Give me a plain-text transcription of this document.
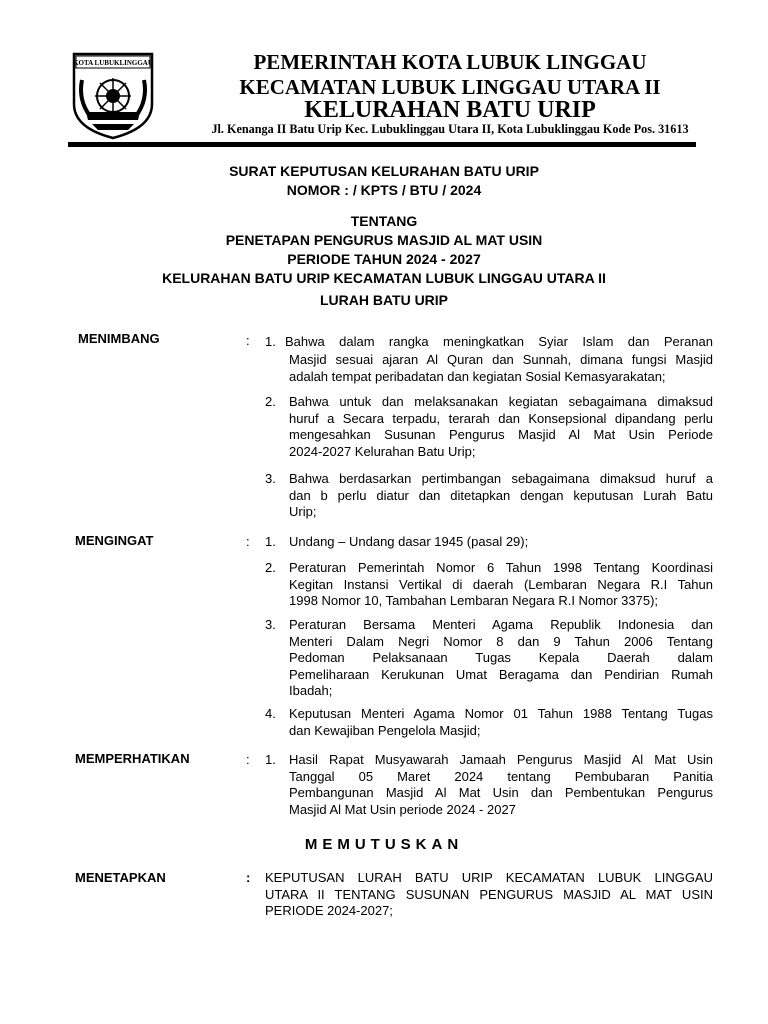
KOTA LUBUKLINGGAU	PEMERINTAH KOTA LUBUK LINGGAU
KECAMATAN LUBUK LINGGAU UTARA II
KELURAHAN BATU URIP
Jl. Kenanga II Batu Urip Kec. Lubuklinggau Utara II, Kota Lubuklinggau Kode Pos. 31613
SURAT KEPUTUSAN KELURAHAN BATU URIP
NOMOR : / KPTS / BTU / 2024
TENTANG
PENETAPAN PENGURUS MASJID AL MAT USIN
PERIODE TAHUN 2024 - 2027
KELURAHAN BATU URIP KECAMATAN LUBUK LINGGAU UTARA II
LURAH BATU URIP
MENIMBANG	: 1. Bahwa dalam rangka meningkatkan Syiar Islam dan Peranan
Masjid sesuai ajaran Al Quran dan Sunnah, dimana fungsi Masjid
adalah tempat peribadatan dan kegiatan Sosial Kemasyarakatan;
2. Bahwa untuk dan melaksanakan kegiatan sebagaimana dimaksud
huruf a Secara terpadu, terarah dan Konsepsional dipandang perlu
mengesahkan Susunan Pengurus Masjid Al Mat Usin Periode
2024-2027 Kelurahan Batu Urip;
3. Bahwa berdasarkan pertimbangan sebagaimana dimaksud huruf a
dan b perlu diatur dan ditetapkan dengan keputusan Lurah Batu
Urip;
MENGINGAT	: 1. Undang – Undang dasar 1945 (pasal 29);
2. Peraturan Pemerintah Nomor 6 Tahun 1998 Tentang Koordinasi
Kegitan Instansi Vertikal di daerah (Lembaran Negara R.I Tahun
1998 Nomor 10, Tambahan Lembaran Negara R.I Nomor 3375);
3. Peraturan Bersama Menteri Agama Republik Indonesia dan
Menteri Dalam Negri Nomor 8 dan 9 Tahun 2006 Tentang
Pedoman Pelaksanaan Tugas Kepala Daerah dalam
Pemeliharaan Kerukunan Umat Beragama dan Pendirian Rumah
Ibadah;
4. Keputusan Menteri Agama Nomor 01 Tahun 1988 Tentang Tugas
dan Kewajiban Pengelola Masjid;
MEMPERHATIKAN	: 1. Hasil Rapat Musyawarah Jamaah Pengurus Masjid Al Mat Usin
Tanggal 05 Maret 2024 tentang Pembubaran Panitia
Pembangunan Masjid Al Mat Usin dan Pembentukan Pengurus
Masjid Al Mat Usin periode 2024 - 2027
MEMUTUSKAN
MENETAPKAN	: KEPUTUSAN LURAH BATU URIP KECAMATAN LUBUK LINGGAU
UTARA II TENTANG SUSUNAN PENGURUS MASJID AL MAT USIN
PERIODE 2024-2027;
